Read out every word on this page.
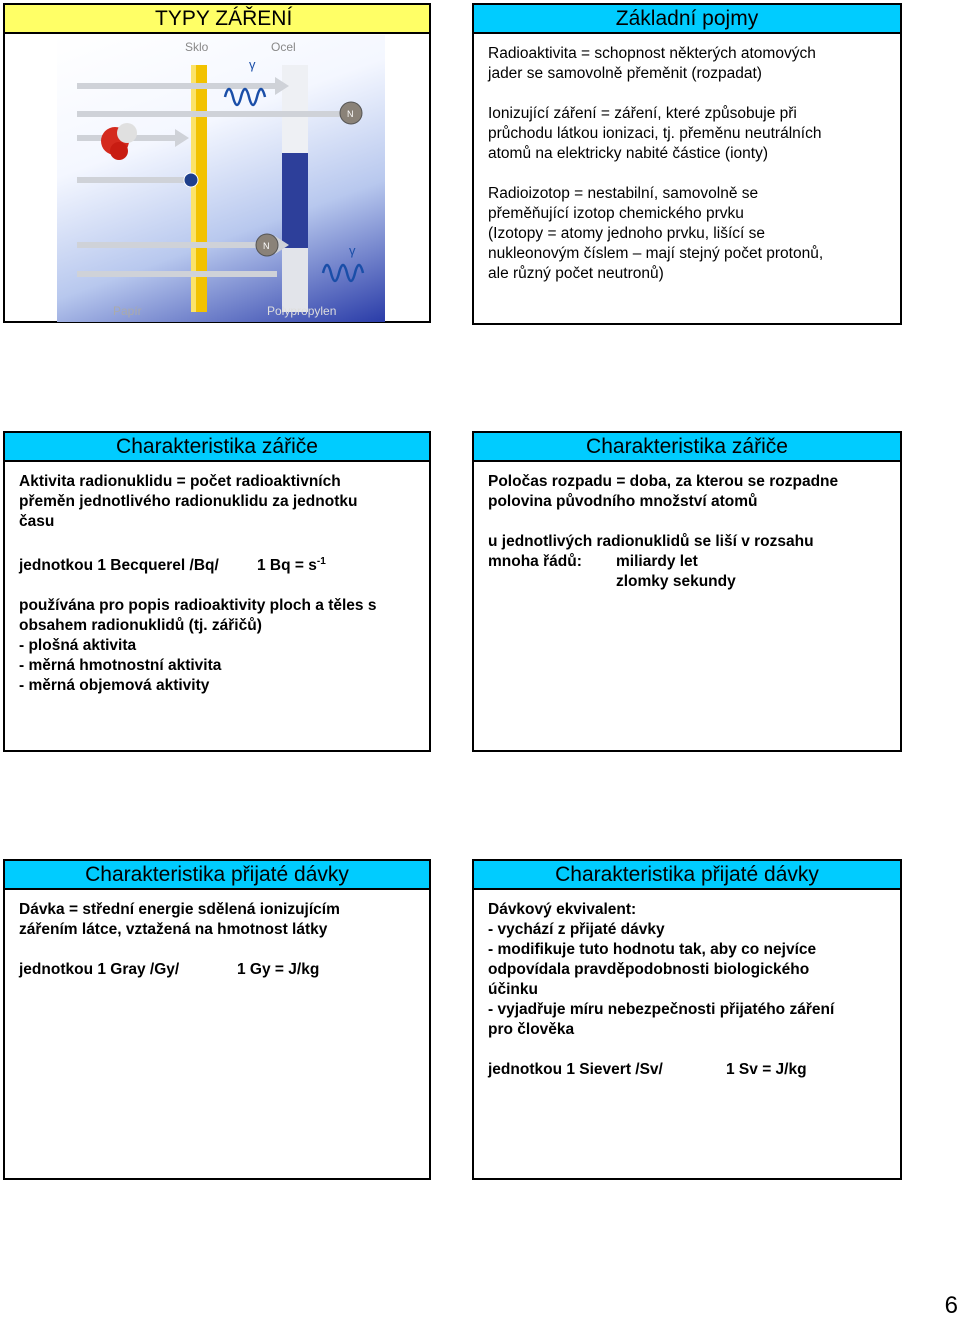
TYPY ZÁŘENÍ
Sklo	Ocel
γ
γ
N
N
Papír	Polypropylen
Základní pojmy

Radioaktivita = schopnost některých atomových

jader se samovolně přeměnit (rozpadat)

Ionizující záření = záření, které způsobuje při

průchodu látkou ionizaci, tj. přeměnu neutrálních

atomů na elektricky nabité částice (ionty)

Radioizotop = nestabilní, samovolně se

přeměňující izotop chemického prvku

(Izotopy = atomy jednoho prvku, lišící se

nukleonovým číslem – mají stejný počet protonů,

ale různý počet neutronů)

Charakteristika zářiče

Aktivita radionuklidu = počet radioaktivních

přeměn jednotlivého radionuklidu za jednotku

času

jednotkou 1 Becquerel /Bq/ 1 $Bq = s^{-1}$

používána pro popis radioaktivity ploch a těles s

obsahem radionuklidů (tj. zářičů)

- plošná aktivita

- měrná hmotnostní aktivita

- měrná objemová aktivity

Charakteristika zářiče

Poločas rozpadu = doba, za kterou se rozpadne

polovina původního množství atomů

u jednotlivých radionuklidů se liší v rozsahu

mnoha řádů: miliardy let

zlomky sekundy

Charakteristika přijaté dávky

Dávka = střední energie sdělená ionizujícím

zářením látce, vztažená na hmotnost látky

jednotkou 1 Gray /Gy/	1 Gy = J/kg

Charakteristika přijaté dávky

Dávkový ekvivalent:

- vychází z přijaté dávky

- modifikuje tuto hodnotu tak, aby co nejvíce

odpovídala pravděpodobnosti biologického

účinku

- vyjadřuje míru nebezpečnosti přijatého záření

pro člověka

jednotkou 1 Sievert /Sv/	1 Sv = J/kg

6
